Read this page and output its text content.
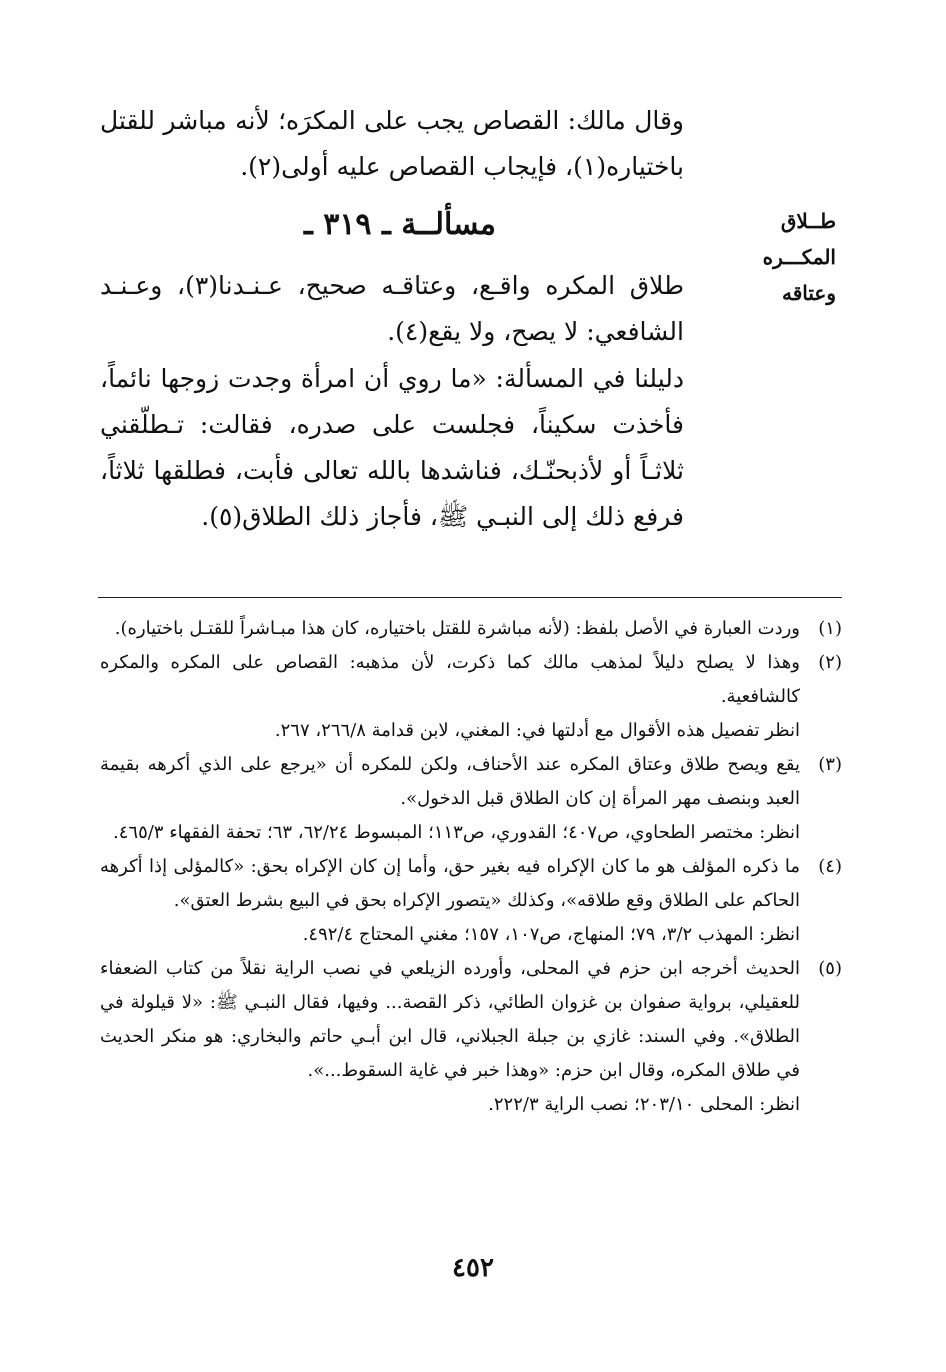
وقال مالك: القصاص يجب على المكرَه؛ لأنه مباشر للقتل باختياره(١)، فإيجاب القصاص عليه أولى(٢).
مسألــة ـ ٣١٩ ـ	طــلاق المكـــره وعتاقه
طلاق المكره واقـع، وعتاقـه صحيح، عـنـدنا(٣)، وعـنـد الشافعي: لا يصح، ولا يقع(٤).
دليلنا في المسألة: «ما روي أن امرأة وجدت زوجها نائماً، فأخذت سكيناً، فجلست على صدره، فقالت: تـطلّقني ثلاثـاً أو لأذبحنّـك، فناشدها بالله تعالى فأبت، فطلقها ثلاثاً، فرفع ذلك إلى النبـي ﷺ، فأجاز ذلك الطلاق(٥).
(١)

وردت العبارة في الأصل بلفظ: (لأنه مباشرة للقتل باختياره، كان هذا مبـاشراً للقتـل باختياره).

(٢)

وهذا لا يصلح دليلاً لمذهب مالك كما ذكرت، لأن مذهبه: القصاص على المكره والمكره كالشافعية.

انظر تفصيل هذه الأقوال مع أدلتها في: المغني، لابن قدامة ٢٦٦/٨، ٢٦٧.

(٣)

يقع ويصح طلاق وعتاق المكره عند الأحناف، ولكن للمكره أن «يرجع على الذي أكرهه بقيمة العبد وبنصف مهر المرأة إن كان الطلاق قبل الدخول».

انظر: مختصر الطحاوي، ص٤٠٧؛ القدوري، ص١١٣؛ المبسوط ٦٢/٢٤، ٦٣؛ تحفة الفقهاء ٤٦٥/٣.

(٤)

ما ذكره المؤلف هو ما كان الإكراه فيه بغير حق، وأما إن كان الإكراه بحق: «كالمؤلى إذا أكرهه الحاكم على الطلاق وقع طلاقه»، وكذلك «يتصور الإكراه بحق في البيع بشرط العتق».

انظر: المهذب ٣/٢، ٧٩؛ المنهاج، ص١٠٧، ١٥٧؛ مغني المحتاج ٤٩٢/٤.

(٥)

الحديث أخرجه ابن حزم في المحلى، وأورده الزيلعي في نصب الراية نقلاً من كتاب الضعفاء للعقيلي، برواية صفوان بن غزوان الطائي، ذكر القصة... وفيها، فقال النبـي ﷺ: «لا قيلولة في الطلاق». وفي السند: غازي بن جبلة الجبلاني، قال ابن أبـي حاتم والبخاري: هو منكر الحديث في طلاق المكره، وقال ابن حزم: «وهذا خبر في غاية السقوط...».

انظر: المحلى ٢٠٣/١٠؛ نصب الراية ٢٢٢/٣.

٤٥٢
